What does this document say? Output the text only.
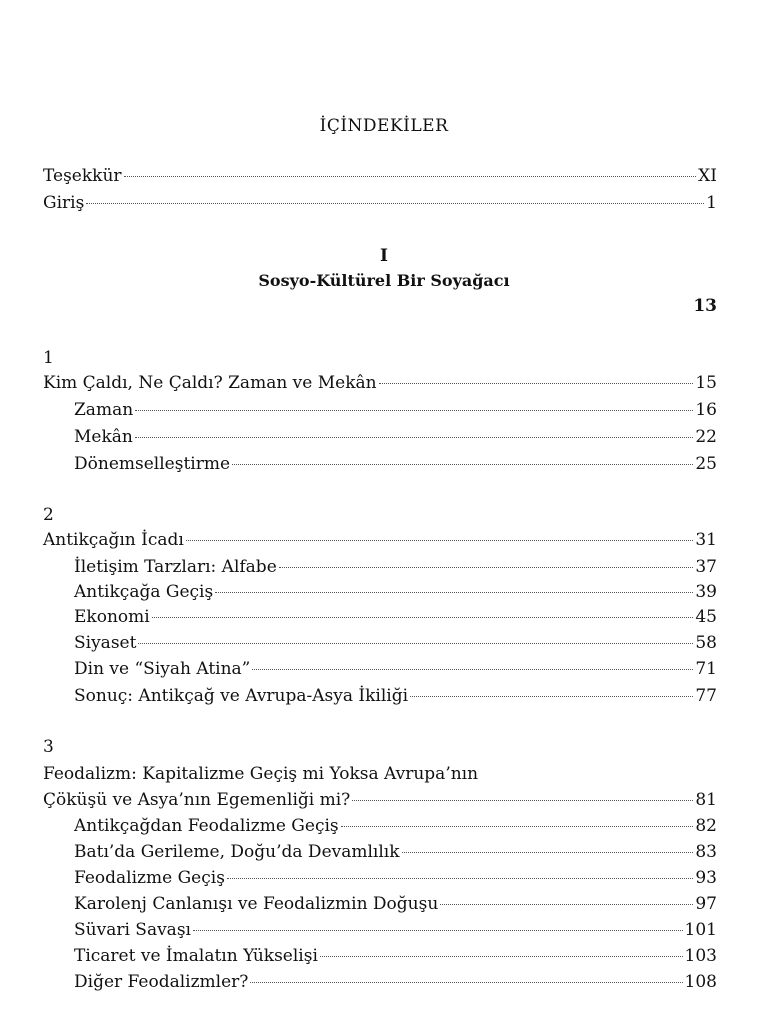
İÇİNDEKİLER
Teşekkür	XI
Giriş	1
I
Sosyo-Kültürel Bir Soyağacı
13
1
Kim Çaldı, Ne Çaldı? Zaman ve Mekân	15
Zaman	16
Mekân	22
Dönemselleştirme	25
2
Antikçağın İcadı	31
İletişim Tarzları: Alfabe	37
Antikçağa Geçiş	39
Ekonomi	45
Siyaset	58
Din ve “Siyah Atina”	71
Sonuç: Antikçağ ve Avrupa-Asya İkiliği	77
3
Feodalizm: Kapitalizme Geçiş mi Yoksa Avrupa’nın
Çöküşü ve Asya’nın Egemenliği mi?	81
Antikçağdan Feodalizme Geçiş	82
Batı’da Gerileme, Doğu’da Devamlılık	83
Feodalizme Geçiş	93
Karolenj Canlanışı ve Feodalizmin Doğuşu	97
Süvari Savaşı	101
Ticaret ve İmalatın Yükselişi	103
Diğer Feodalizmler?	108
